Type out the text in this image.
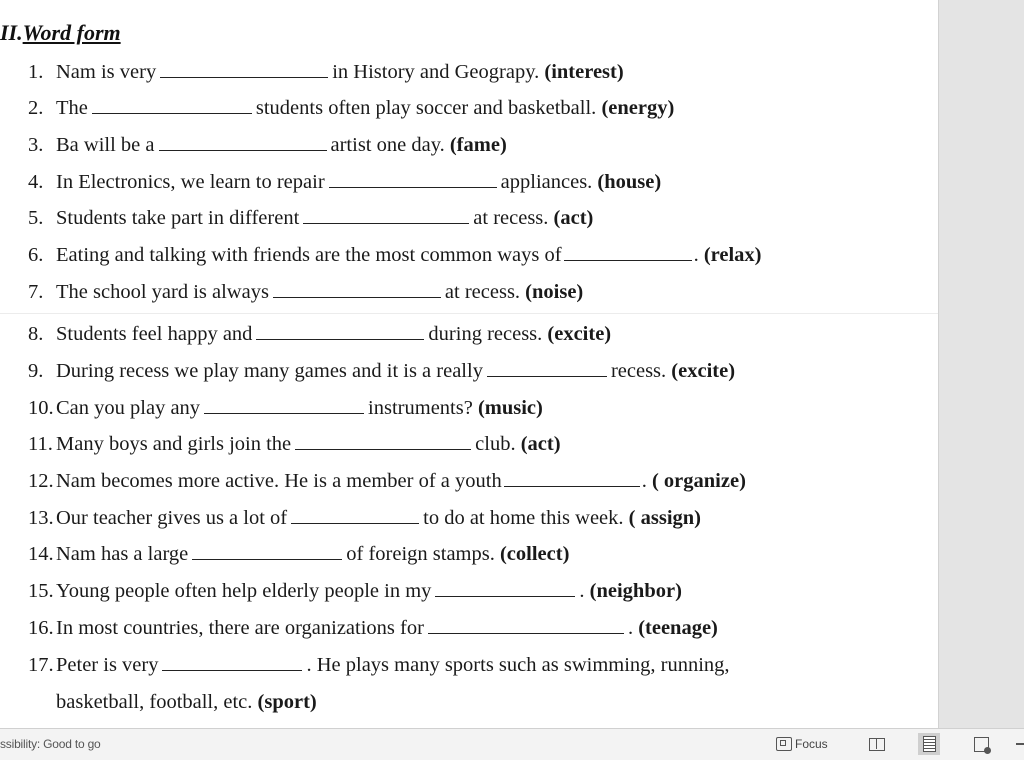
II.Word form
1. Nam is very	in History and Geograpy. (interest)
2. The	students often play soccer and basketball. (energy)
3. Ba will be a	artist one day. (fame)
4. In Electronics, we learn to repair	appliances. (house)
5. Students take part in different	at recess. (act)
6. Eating and talking with friends are the most common ways of	. (relax)
7. The school yard is always	at recess. (noise)
8. Students feel happy and	during recess. (excite)
9. During recess we play many games and it is a really	recess. (excite)
10. Can you play any	instruments? (music)
11. Many boys and girls join the	club. (act)
12. Nam becomes more active. He is a member of a youth	. ( organize)
13. Our teacher gives us a lot of	to do at home this week. ( assign)
14. Nam has a large	of foreign stamps. (collect)
15. Young people often help elderly people in my	. (neighbor)
16. In most countries, there are organizations for	. (teenage)
17. Peter is very	. He plays many sports such as swimming, running,
basketball, football, etc. (sport)
ssibility: Good to go	Focus
